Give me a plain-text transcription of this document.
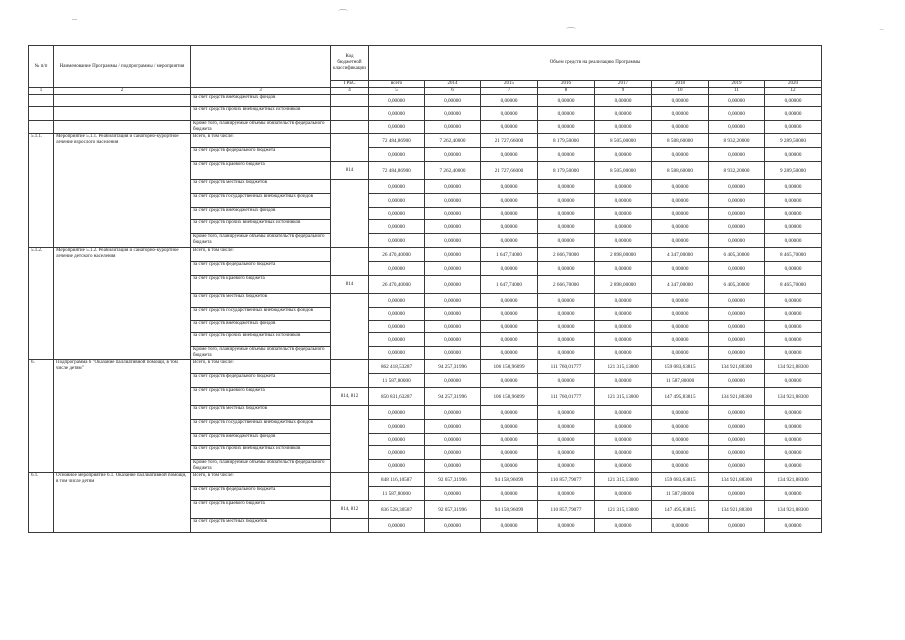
–	⌒
⌒	‾
№ п/п	Наименование Программы / подпрограммы / мероприятия		Код бюджетной классификации	Объем средств на реализацию Программы							
			ГРБС	всего	2014	2015	2016	2017	2018	2019	2020
1	2	3	4	5	6	7	8	9	10	11	12
		за счет средств внебюджетных фондов		0,00000	0,00000	0,00000	0,00000	0,00000	0,00000	0,00000	0,00000
		за счет средств прочих внебюджетных источников		0,00000	0,00000	0,00000	0,00000	0,00000	0,00000	0,00000	0,00000
		Кроме того, планируемые объемы обязательств федерального бюджета		0,00000	0,00000	0,00000	0,00000	0,00000	0,00000	0,00000	0,00000
5.1.1.	Мероприятие 5.1.1. Реабилитация и санаторно-курортное лечение взрослого населения	Всего, в том числе:		72 484,86900	7 262,40000	21 727,66000	8 179,50000	8 505,00000	8 588,60000	8 932,20000	9 289,50000
		за счет средств федерального бюджета		0,00000	0,00000	0,00000	0,00000	0,00000	0,00000	0,00000	0,00000
		за счет средств краевого бюджета	814	72 484,86900	7 262,40000	21 727,66000	8 179,50000	8 505,00000	8 588,60000	8 932,20000	9 289,50000
		за счет средств местных бюджетов		0,00000	0,00000	0,00000	0,00000	0,00000	0,00000	0,00000	0,00000
		за счет средств государственных внебюджетных фондов		0,00000	0,00000	0,00000	0,00000	0,00000	0,00000	0,00000	0,00000
		за счет средств внебюджетных фондов		0,00000	0,00000	0,00000	0,00000	0,00000	0,00000	0,00000	0,00000
		за счет средств прочих внебюджетных источников		0,00000	0,00000	0,00000	0,00000	0,00000	0,00000	0,00000	0,00000
		Кроме того, планируемые объемы обязательств федерального бюджета		0,00000	0,00000	0,00000	0,00000	0,00000	0,00000	0,00000	0,00000
5.1.2.	Мероприятие 5.1.2. Реабилитация и санаторно-курортное лечение детского населения	Всего, в том числе:		26 470,40000	0,00000	1 647,74000	2 666,70000	2 898,00000	4 347,00000	6 405,30000	8 465,70000
		за счет средств федерального бюджета		0,00000	0,00000	0,00000	0,00000	0,00000	0,00000	0,00000	0,00000
		за счет средств краевого бюджета	814	26 470,40000	0,00000	1 647,74000	2 666,70000	2 898,00000	4 347,00000	6 405,30000	8 465,70000
		за счет средств местных бюджетов		0,00000	0,00000	0,00000	0,00000	0,00000	0,00000	0,00000	0,00000
		за счет средств государственных внебюджетных фондов		0,00000	0,00000	0,00000	0,00000	0,00000	0,00000	0,00000	0,00000
		за счет средств внебюджетных фондов		0,00000	0,00000	0,00000	0,00000	0,00000	0,00000	0,00000	0,00000
		за счет средств прочих внебюджетных источников		0,00000	0,00000	0,00000	0,00000	0,00000	0,00000	0,00000	0,00000
		Кроме того, планируемые объемы обязательств федерального бюджета		0,00000	0,00000	0,00000	0,00000	0,00000	0,00000	0,00000	0,00000
6.	Подпрограмма 6 "Оказание паллиативной помощи, в том числе детям"	Всего, в том числе:		862 418,53287	94 257,31996	106 158,96099	111 760,01777	121 315,13000	159 083,63815	134 921,88300	134 921,88300
		за счет средств федерального бюджета		11 587,80000	0,00000	0,00000	0,00000	0,00000	11 587,80000	0,00000	0,00000
		за счет средств краевого бюджета	814, 812	850 831,63287	94 257,31996	106 158,96099	111 760,01777	121 315,13000	147 495,83815	134 921,88300	134 921,88300
		за счет средств местных бюджетов		0,00000	0,00000	0,00000	0,00000	0,00000	0,00000	0,00000	0,00000
		за счет средств государственных внебюджетных фондов		0,00000	0,00000	0,00000	0,00000	0,00000	0,00000	0,00000	0,00000
		за счет средств внебюджетных фондов		0,00000	0,00000	0,00000	0,00000	0,00000	0,00000	0,00000	0,00000
		за счет средств прочих внебюджетных источников		0,00000	0,00000	0,00000	0,00000	0,00000	0,00000	0,00000	0,00000
		Кроме того, планируемые объемы обязательств федерального бюджета		0,00000	0,00000	0,00000	0,00000	0,00000	0,00000	0,00000	0,00000
6.1.	Основное мероприятие 6.1. Оказание паллиативной помощи, в том числе детям	Всего, в том числе:		848 116,10587	92 657,31996	94 158,96099	110 857,79077	121 315,13000	159 083,63815	134 921,88300	134 921,88300
		за счет средств федерального бюджета		11 587,80000	0,00000	0,00000	0,00000	0,00000	11 587,80000	0,00000	0,00000
		за счет средств краевого бюджета	814, 812	836 528,30587	92 657,31996	94 158,96099	110 857,79077	121 315,13000	147 495,83815	134 921,88300	134 921,88300
		за счет средств местных бюджетов		0,00000	0,00000	0,00000	0,00000	0,00000	0,00000	0,00000	0,00000
